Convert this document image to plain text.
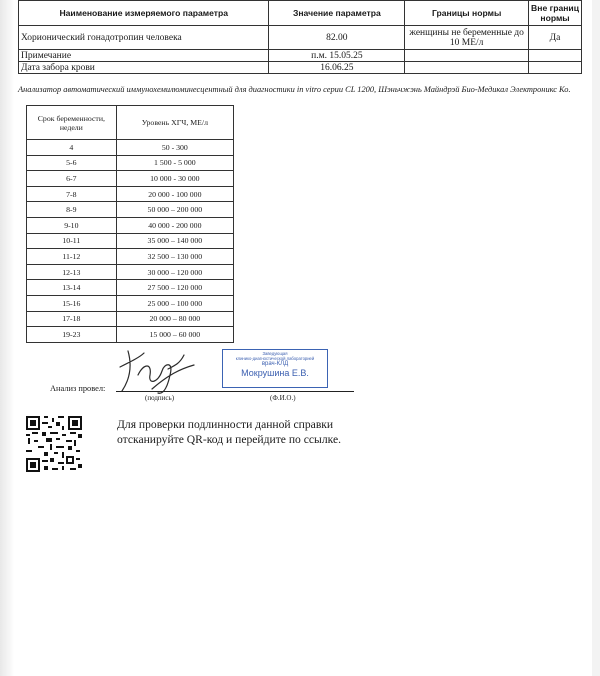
Наименование измеряемого параметра	Значение параметра	Границы нормы	Вне границ нормы
Хорионический гонадотропин человека	82.00	женщины не беременные до 10 МЕ/л	Да
Примечание	п.м. 15.05.25		
Дата забора крови	16.06.25		
Анализатор автоматический иммунохемилюминесцентный для диагностики in vitro серии CL 1200, Шэньчжэнь Майндрэй Био-Медикал Электроникс Ко.
Срок беременности, недели	Уровень ХГЧ, МЕ/л
4	50 - 300
5-6	1 500 - 5 000
6-7	10 000 - 30 000
7-8	20 000 - 100 000
8-9	50 000 – 200 000
9-10	40 000 - 200 000
10-11	35 000 – 140 000
11-12	32 500 – 130 000
12-13	30 000 – 120 000
13-14	27 500 – 120 000
15-16	25 000 – 100 000
17-18	20 000 – 80 000
19-23	15 000 – 60 000
Заведующая
клинико-диагностической лабораторией
врач-КЛД
Мокрушина Е.В.
Анализ провел:
(подпись)	(Ф.И.О.)
Для проверки подлинности данной справки
отсканируйте QR-код и перейдите по ссылке.
